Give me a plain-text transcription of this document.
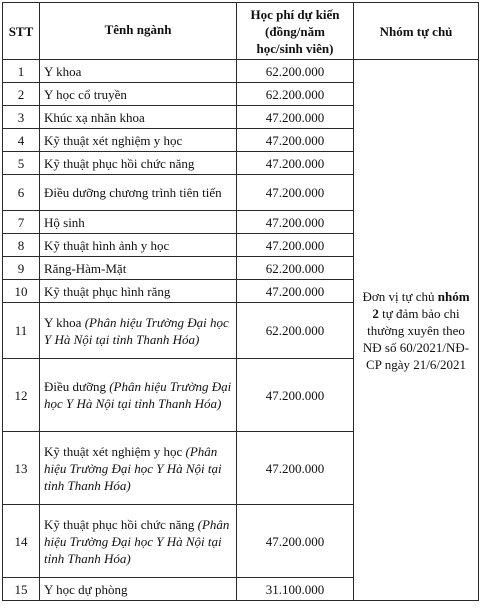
STT	Tênh ngành	Học phí dự kiến (đồng/năm học/sinh viên)	Nhóm tự chủ
1	Y khoa	62.200.000	Đơn vị tự chủ nhóm 2 tự đảm bảo chi thường xuyên theo NĐ số 60/2021/NĐ-CP ngày 21/6/2021
2	Y học cổ truyền	62.200.000	
3	Khúc xạ nhãn khoa	47.200.000	
4	Kỹ thuật xét nghiệm y học	47.200.000	
5	Kỹ thuật phục hồi chức năng	47.200.000	
6	Điều dưỡng chương trình tiên tiến	47.200.000	
7	Hộ sinh	47.200.000	
8	Kỹ thuật hình ảnh y học	47.200.000	
9	Răng-Hàm-Mặt	62.200.000	
10	Kỹ thuật phục hình răng	47.200.000	
11	Y khoa (Phân hiệu Trường Đại học Y Hà Nội tại tỉnh Thanh Hóa)	62.200.000	
12	Điều dưỡng (Phân hiệu Trường Đại học Y Hà Nội tại tỉnh Thanh Hóa)	47.200.000	
13	Kỹ thuật xét nghiệm y học (Phân hiệu Trường Đại học Y Hà Nội tại tỉnh Thanh Hóa)	47.200.000	
14	Kỹ thuật phục hồi chức năng (Phân hiệu Trường Đại học Y Hà Nội tại tỉnh Thanh Hóa)	47.200.000	
15	Y học dự phòng	31.100.000	
